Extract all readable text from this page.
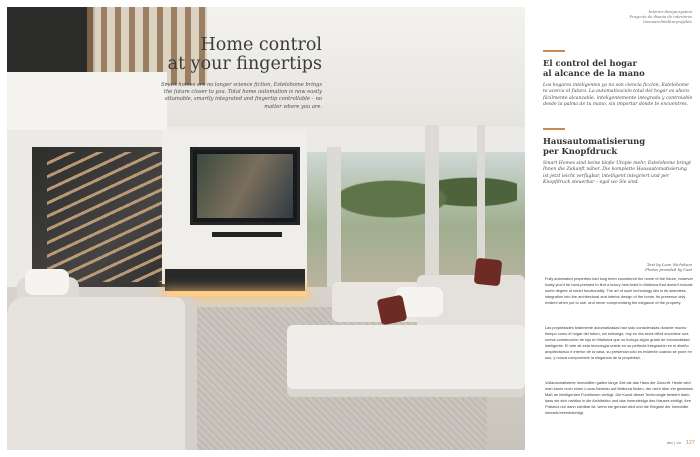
Home control
at your fingertips

Smart homes are no longer science fiction, Estelohome brings the future closer to you. Total home automation is now easily attainable, smartly integrated and fingertip controllable – no matter where you are.

Interior design/system
Proyecto de diseño de interiores
Innenarchitekturprojekte
El control del hogar
al alcance de la mano

Los hogares inteligentes ya no son ciencia ficción, Estelohome te acerca el futuro. La automatización total del hogar es ahora fácilmente alcanzable, inteligentemente integrada y controlable desde la palma de tu mano, sin importar dónde te encuentres.

Hausautomatisierung
per Knopfdruck

Smart Homes sind keine bloße Utopie mehr, Estelohome bringt Ihnen die Zukunft näher. Die komplette Hausautomatisierung ist jetzt leicht verfügbar, intelligent integriert und per Knopfdruck steuerbar – egal wo Sie sind.

Text by Leon Nicholson
Photos provided by Cast

Fully automated properties had long been considered the home of the future, however today you'd be hard-pressed to find a luxury new-build in Mallorca that doesn't include some degree of smart functionality. The art of such technology lies in its seamless integration into the architectural and interior design of the home, its presence only evident when put to use, and never compromising the elegance of the property.

Las propiedades totalmente automatizadas han sido consideradas durante mucho tiempo como el hogar del futuro, sin embargo, hoy en día sería difícil encontrar una nueva construcción de lujo en Mallorca que no incluya algún grado de funcionalidad inteligente. El arte de esta tecnología reside en su perfecta integración en el diseño arquitectónico e interior de la casa, su presencia sólo es evidente cuando se pone en uso, y nunca compromete la elegancia de la propiedad.

Vollautomatisierte Immobilien galten lange Zeit als das Haus der Zukunft. Heute wird man kaum noch einen Luxus-Neubau auf Mallorca finden, der nicht über ein gewisses Maß an intelligenten Funktionen verfügt. Die Kunst dieser Technologie besteht darin, dass sie sich nahtlos in die Architektur und das Innendesign des Hauses einfügt, ihre Präsenz nur dann sichtbar ist, wenn sie genutzt wird und die Eleganz der Immobilie niemals beeinträchtigt.

abc | ca 127
